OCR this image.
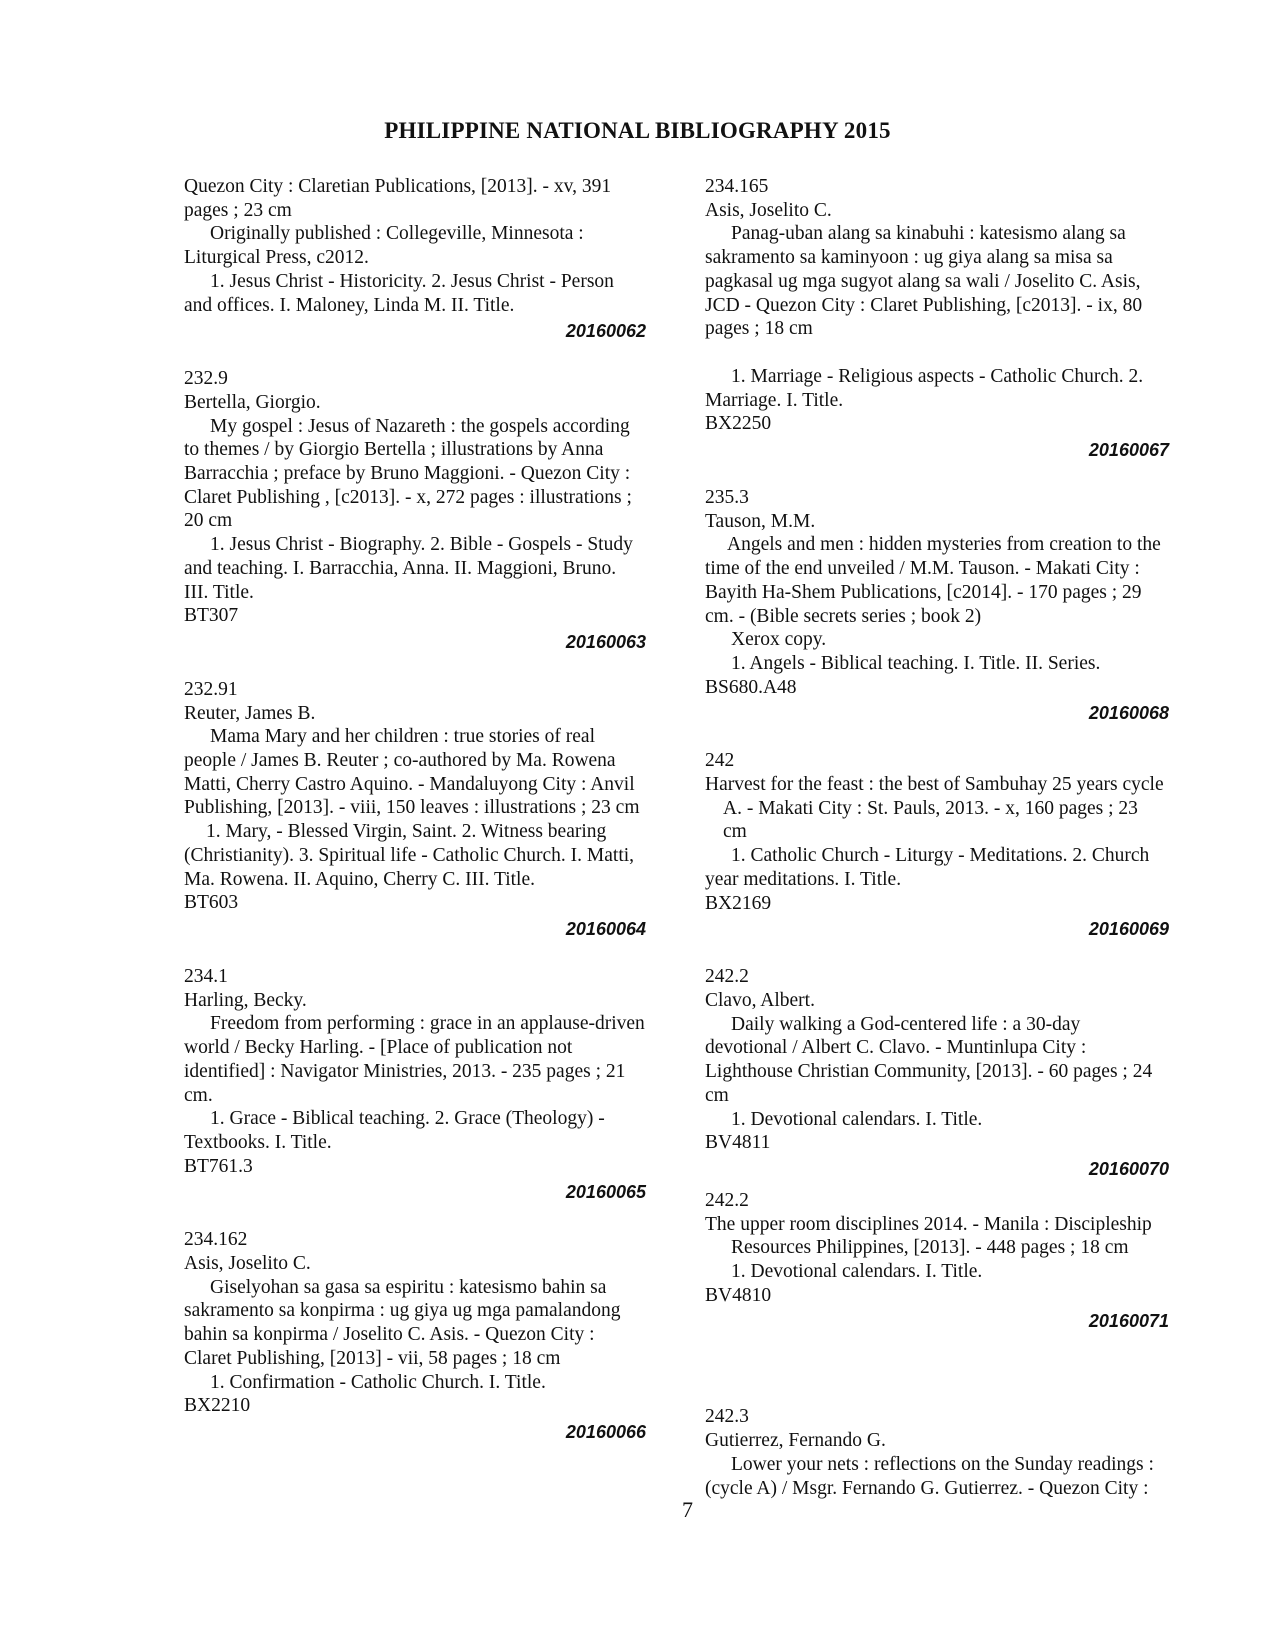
PHILIPPINE NATIONAL BIBLIOGRAPHY 2015
Quezon City : Claretian Publications, [2013]. - xv, 391
pages ; 23 cm
Originally published : Collegeville, Minnesota :
Liturgical Press, c2012.
1. Jesus Christ - Historicity. 2. Jesus Christ - Person
and offices. I. Maloney, Linda M. II. Title.
20160062
232.9
Bertella, Giorgio.
My gospel : Jesus of Nazareth : the gospels according
to themes / by Giorgio Bertella ; illustrations by Anna
Barracchia ; preface by Bruno Maggioni. - Quezon City :
Claret Publishing , [c2013]. - x, 272 pages : illustrations ;
20 cm
1. Jesus Christ - Biography. 2. Bible - Gospels - Study
and teaching. I. Barracchia, Anna. II. Maggioni, Bruno.
III. Title.
BT307
20160063
232.91
Reuter, James B.
Mama Mary and her children : true stories of real
people / James B. Reuter ; co-authored by Ma. Rowena
Matti, Cherry Castro Aquino. - Mandaluyong City : Anvil
Publishing, [2013]. - viii, 150 leaves : illustrations ; 23 cm
1. Mary, - Blessed Virgin, Saint. 2. Witness bearing
(Christianity). 3. Spiritual life - Catholic Church. I. Matti,
Ma. Rowena. II. Aquino, Cherry C. III. Title.
BT603
20160064
234.1
Harling, Becky.
Freedom from performing : grace in an applause-driven
world / Becky Harling. - [Place of publication not
identified] : Navigator Ministries, 2013. - 235 pages ; 21
cm.
1. Grace - Biblical teaching. 2. Grace (Theology) -
Textbooks. I. Title.
BT761.3
20160065
234.162
Asis, Joselito C.
Giselyohan sa gasa sa espiritu : katesismo bahin sa
sakramento sa konpirma : ug giya ug mga pamalandong
bahin sa konpirma / Joselito C. Asis. - Quezon City :
Claret Publishing, [2013] - vii, 58 pages ; 18 cm
1. Confirmation - Catholic Church. I. Title.
BX2210
20160066
234.165
Asis, Joselito C.
Panag-uban alang sa kinabuhi : katesismo alang sa
sakramento sa kaminyoon : ug giya alang sa misa sa
pagkasal ug mga sugyot alang sa wali / Joselito C. Asis,
JCD - Quezon City : Claret Publishing, [c2013]. - ix, 80
pages ; 18 cm
1. Marriage - Religious aspects - Catholic Church. 2.
Marriage. I. Title.
BX2250
20160067
235.3
Tauson, M.M.
Angels and men : hidden mysteries from creation to the
time of the end unveiled / M.M. Tauson. - Makati City :
Bayith Ha-Shem Publications, [c2014]. - 170 pages ; 29
cm. - (Bible secrets series ; book 2)
Xerox copy.
1. Angels - Biblical teaching. I. Title. II. Series.
BS680.A48
20160068
242
Harvest for the feast : the best of Sambuhay 25 years cycle
A. - Makati City : St. Pauls, 2013. - x, 160 pages ; 23
cm
1. Catholic Church - Liturgy - Meditations. 2. Church
year meditations. I. Title.
BX2169
20160069
242.2
Clavo, Albert.
Daily walking a God-centered life : a 30-day
devotional / Albert C. Clavo. - Muntinlupa City :
Lighthouse Christian Community, [2013]. - 60 pages ; 24
cm
1. Devotional calendars. I. Title.
BV4811
20160070
242.2
The upper room disciplines 2014. - Manila : Discipleship
Resources Philippines, [2013]. - 448 pages ; 18 cm
1. Devotional calendars. I. Title.
BV4810
20160071
242.3
Gutierrez, Fernando G.
Lower your nets : reflections on the Sunday readings :
(cycle A) / Msgr. Fernando G. Gutierrez. - Quezon City :
7
